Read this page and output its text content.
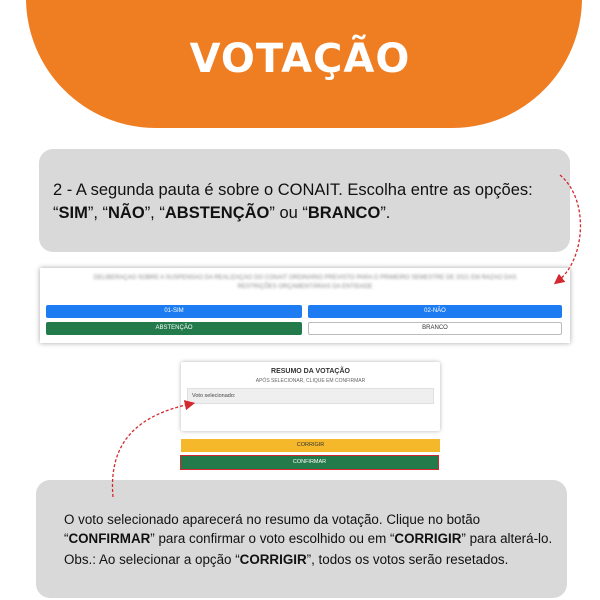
VOTAÇÃO
2 - A segunda pauta é sobre o CONAIT. Escolha entre as opções: “SIM”, “NÃO”, “ABSTENÇÃO” ou “BRANCO”.
DELIBERAÇÃO SOBRE A SUSPENSÃO DA REALIZAÇÃO DO CONAIT ORDINÁRIO PREVISTO PARA O PRIMEIRO SEMESTRE DE 2021 EM RAZÃO DAS RESTRIÇÕES ORÇAMENTÁRIAS DA ENTIDADE
01-SIM	02-NÃO
ABSTENÇÃO	BRANCO
RESUMO DA VOTAÇÃO
APÓS SELECIONAR, CLIQUE EM CONFIRMAR
Voto selecionado:
CORRIGIR
CONFIRMAR
O voto selecionado aparecerá no resumo da votação. Clique no botão “CONFIRMAR” para confirmar o voto escolhido ou em “CORRIGIR” para alterá-lo.
Obs.: Ao selecionar a opção “CORRIGIR”, todos os votos serão resetados.
